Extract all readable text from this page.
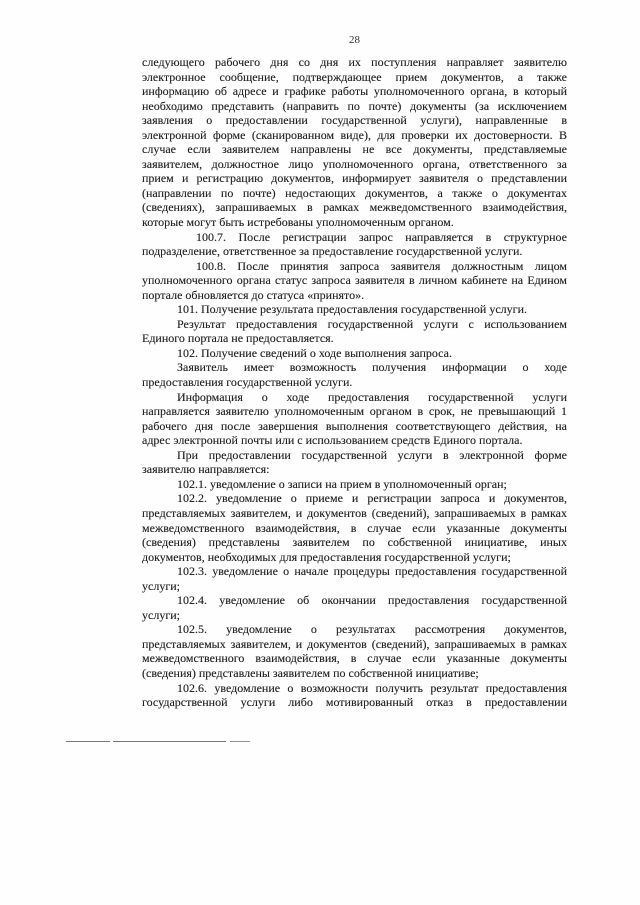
28
следующего рабочего дня со дня их поступления направляет заявителю
электронное сообщение, подтверждающее прием документов, а также
информацию об адресе и графике работы уполномоченного органа, в который
необходимо представить (направить по почте) документы (за исключением
заявления о предоставлении государственной услуги), направленные в
электронной форме (сканированном виде), для проверки их достоверности. В
случае если заявителем направлены не все документы, представляемые
заявителем, должностное лицо уполномоченного органа, ответственного за
прием и регистрацию документов, информирует заявителя о представлении
(направлении по почте) недостающих документов, а также о документах
(сведениях), запрашиваемых в рамках межведомственного взаимодействия,
которые могут быть истребованы уполномоченным органом.
100.7. После регистрации запрос направляется в структурное
подразделение, ответственное за предоставление государственной услуги.
100.8. После принятия запроса заявителя должностным лицом
уполномоченного органа статус запроса заявителя в личном кабинете на Едином
портале обновляется до статуса «принято».
101. Получение результата предоставления государственной услуги.
Результат предоставления государственной услуги с использованием
Единого портала не предоставляется.
102. Получение сведений о ходе выполнения запроса.
Заявитель имеет возможность получения информации о ходе
предоставления государственной услуги.
Информация о ходе предоставления государственной услуги
направляется заявителю уполномоченным органом в срок, не превышающий 1
рабочего дня после завершения выполнения соответствующего действия, на
адрес электронной почты или с использованием средств Единого портала.
При предоставлении государственной услуги в электронной форме
заявителю направляется:
102.1. уведомление о записи на прием в уполномоченный орган;
102.2. уведомление о приеме и регистрации запроса и документов,
представляемых заявителем, и документов (сведений), запрашиваемых в рамках
межведомственного взаимодействия, в случае если указанные документы
(сведения) представлены заявителем по собственной инициативе, иных
документов, необходимых для предоставления государственной услуги;
102.3. уведомление о начале процедуры предоставления государственной
услуги;
102.4. уведомление об окончании предоставления государственной
услуги;
102.5. уведомление о результатах рассмотрения документов,
представляемых заявителем, и документов (сведений), запрашиваемых в рамках
межведомственного взаимодействия, в случае если указанные документы
(сведения) представлены заявителем по собственной инициативе;
102.6. уведомление о возможности получить результат предоставления
государственной услуги либо мотивированный отказ в предоставлении
